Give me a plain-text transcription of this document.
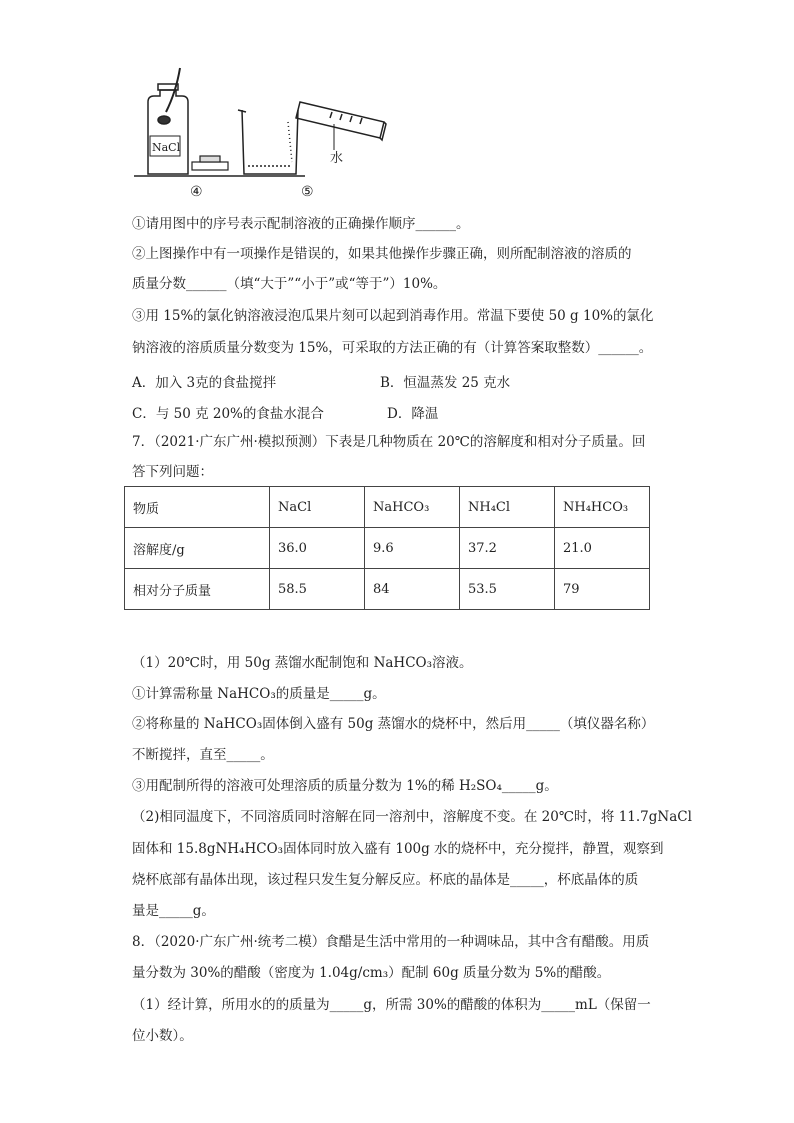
NaCl
水
④	⑤
①请用图中的序号表示配制溶液的正确操作顺序______。
②上图操作中有一项操作是错误的，如果其他操作步骤正确，则所配制溶液的溶质的
质量分数______（填“大于”“小于”或“等于”）10%。
③用 15%的氯化钠溶液浸泡瓜果片刻可以起到消毒作用。常温下要使 50 g 10%的氯化
钠溶液的溶质质量分数变为 15%，可采取的方法正确的有（计算答案取整数）______。
A．加入 3克的食盐搅拌	B．恒温蒸发 25 克水
C．与 50 克 20%的食盐水混合	D．降温
7．（2021·广东广州·模拟预测）下表是几种物质在 20℃的溶解度和相对分子质量。回
答下列问题：
物质	NaCl	NaHCO₃	NH₄Cl	NH₄HCO₃
溶解度/g	36.0	9.6	37.2	21.0
相对分子质量	58.5	84	53.5	79
（1）20℃时，用 50g 蒸馏水配制饱和 NaHCO₃溶液。
①计算需称量 NaHCO₃的质量是_____g。
②将称量的 NaHCO₃固体倒入盛有 50g 蒸馏水的烧杯中，然后用_____（填仪器名称）
不断搅拌，直至_____。
③用配制所得的溶液可处理溶质的质量分数为 1%的稀 H₂SO₄_____g。
（2)相同温度下，不同溶质同时溶解在同一溶剂中，溶解度不变。在 20℃时，将 11.7gNaCl
固体和 15.8gNH₄HCO₃固体同时放入盛有 100g 水的烧杯中，充分搅拌，静置，观察到
烧杯底部有晶体出现，该过程只发生复分解反应。杯底的晶体是_____，杯底晶体的质
量是_____g。
8．（2020·广东广州·统考二模）食醋是生活中常用的一种调味品，其中含有醋酸。用质
量分数为 30%的醋酸（密度为 1.04g/cm₃）配制 60g 质量分数为 5%的醋酸。
（1）经计算，所用水的的质量为_____g，所需 30%的醋酸的体积为_____mL（保留一
位小数）。
